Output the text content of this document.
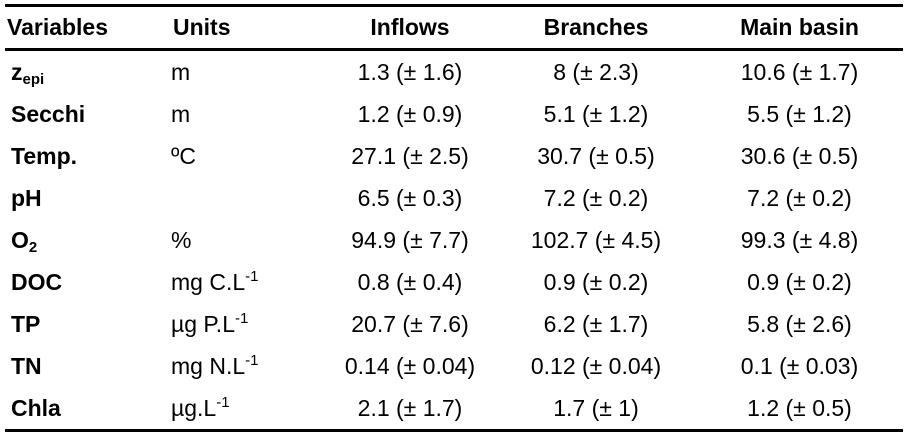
Variables	Units	Inflows	Branches	Main basin
$z_{epi}$	m	1.3 (± 1.6)	8 (± 2.3)	10.6 (± 1.7)
Secchi	m	1.2 (± 0.9)	5.1 (± 1.2)	5.5 (± 1.2)
Temp.	ºC	27.1 (± 2.5)	30.7 (± 0.5)	30.6 (± 0.5)
pH		6.5 (± 0.3)	7.2 (± 0.2)	7.2 (± 0.2)
$O_2$	%	94.9 (± 7.7)	102.7 (± 4.5)	99.3 (± 4.8)
DOC	mg $C.L^{-1}$	0.8 (± 0.4)	0.9 (± 0.2)	0.9 (± 0.2)
TP	µg $P.L^{-1}$	20.7 (± 7.6)	6.2 (± 1.7)	5.8 (± 2.6)
TN	mg $N.L^{-1}$	0.14 (± 0.04)	0.12 (± 0.04)	0.1 (± 0.03)
Chla	$\mu g.L^{-1}$	2.1 (± 1.7)	1.7 (± 1)	1.2 (± 0.5)
